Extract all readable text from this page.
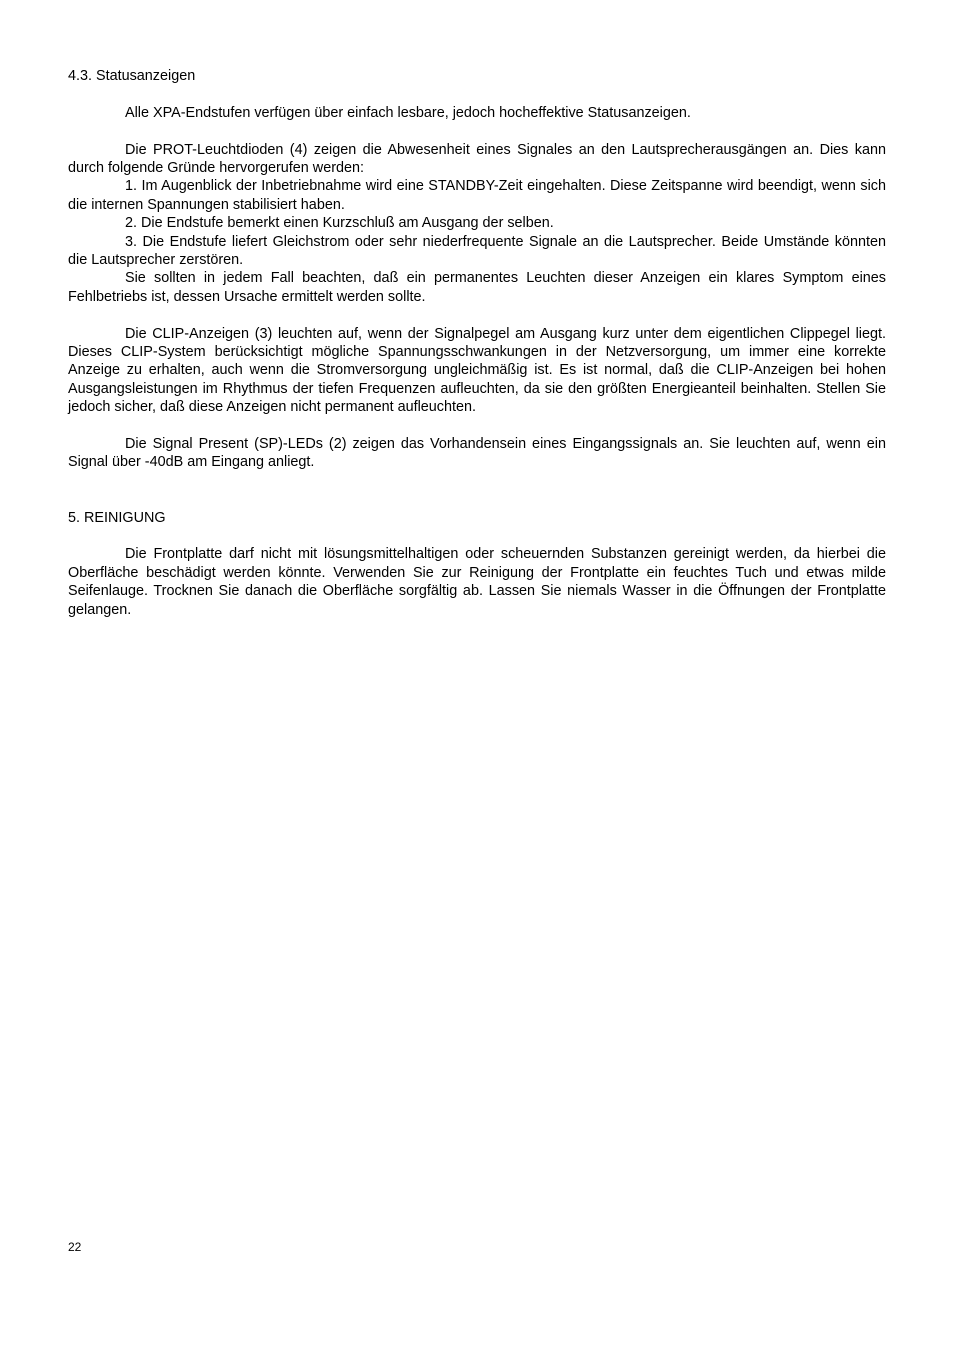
4.3. Statusanzeigen

Alle XPA-Endstufen verfügen über einfach lesbare, jedoch hocheffektive Statusanzeigen.

Die PROT-Leuchtdioden (4) zeigen die Abwesenheit eines Signales an den Lautsprecherausgängen an. Dies kann durch folgende Gründe hervorgerufen werden:

1. Im Augenblick der Inbetriebnahme wird eine STANDBY-Zeit eingehalten. Diese Zeitspanne wird beendigt, wenn sich die internen Spannungen stabilisiert haben.

2. Die Endstufe bemerkt einen Kurzschluß am Ausgang der selben.

3. Die Endstufe liefert Gleichstrom oder sehr niederfrequente Signale an die Lautsprecher. Beide Umstände könnten die Lautsprecher zerstören.

Sie sollten in jedem Fall beachten, daß ein permanentes Leuchten dieser Anzeigen ein klares Symptom eines Fehlbetriebs ist, dessen Ursache ermittelt werden sollte.

Die CLIP-Anzeigen (3) leuchten auf, wenn der Signalpegel am Ausgang kurz unter dem eigentlichen Clippegel liegt. Dieses CLIP-System berücksichtigt mögliche Spannungsschwankungen in der Netzversorgung, um immer eine korrekte Anzeige zu erhalten, auch wenn die Stromversorgung ungleichmäßig ist. Es ist normal, daß die CLIP-Anzeigen bei hohen Ausgangsleistungen im Rhythmus der tiefen Frequenzen aufleuchten, da sie den größten Energieanteil beinhalten. Stellen Sie jedoch sicher, daß diese Anzeigen nicht permanent aufleuchten.

Die Signal Present (SP)-LEDs (2) zeigen das Vorhandensein eines Eingangssignals an. Sie leuchten auf, wenn ein Signal über -40dB am Eingang anliegt.

5. REINIGUNG

Die Frontplatte darf nicht mit lösungsmittelhaltigen oder scheuernden Substanzen gereinigt werden, da hierbei die Oberfläche beschädigt werden könnte. Verwenden Sie zur Reinigung der Frontplatte ein feuchtes Tuch und etwas milde Seifenlauge. Trocknen Sie danach die Oberfläche sorgfältig ab. Lassen Sie niemals Wasser in die Öffnungen der Frontplatte gelangen.

22
